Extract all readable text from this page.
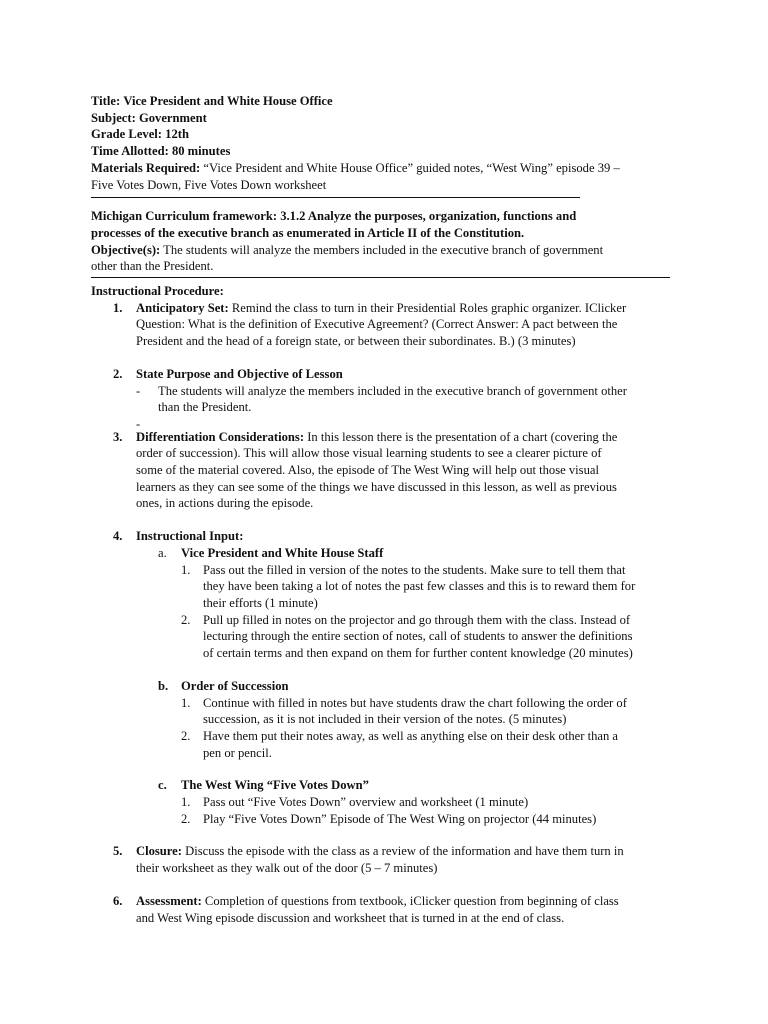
Title: Vice President and White House Office
Subject: Government
Grade Level: 12th
Time Allotted: 80 minutes
Materials Required: “Vice President and White House Office” guided notes, “West Wing” episode 39 –
Five Votes Down, Five Votes Down worksheet
Michigan Curriculum framework: 3.1.2 Analyze the purposes, organization, functions and
processes of the executive branch as enumerated in Article II of the Constitution.
Objective(s): The students will analyze the members included in the executive branch of government
other than the President.
Instructional Procedure:
1.	Anticipatory Set: Remind the class to turn in their Presidential Roles graphic organizer. IClicker
Question: What is the definition of Executive Agreement? (Correct Answer: A pact between the
President and the head of a foreign state, or between their subordinates. B.) (3 minutes)
2.	State Purpose and Objective of Lesson
- The students will analyze the members included in the executive branch of government other
than the President.
-

3.	Differentiation Considerations: In this lesson there is the presentation of a chart (covering the
order of succession). This will allow those visual learning students to see a clearer picture of
some of the material covered. Also, the episode of The West Wing will help out those visual
learners as they can see some of the things we have discussed in this lesson, as well as previous
ones, in actions during the episode.
4.	Instructional Input:
a. Vice President and White House Staff
1. Pass out the filled in version of the notes to the students. Make sure to tell them that
they have been taking a lot of notes the past few classes and this is to reward them for
their efforts (1 minute)
2. Pull up filled in notes on the projector and go through them with the class. Instead of
lecturing through the entire section of notes, call of students to answer the definitions
of certain terms and then expand on them for further content knowledge (20 minutes)
b. Order of Succession
1. Continue with filled in notes but have students draw the chart following the order of
succession, as it is not included in their version of the notes. (5 minutes)
2. Have them put their notes away, as well as anything else on their desk other than a
pen or pencil.
c. The West Wing “Five Votes Down”
1. Pass out “Five Votes Down” overview and worksheet (1 minute)
2. Play “Five Votes Down” Episode of The West Wing on projector (44 minutes)
5.	Closure: Discuss the episode with the class as a review of the information and have them turn in
their worksheet as they walk out of the door (5 – 7 minutes)
6.	Assessment: Completion of questions from textbook, iClicker question from beginning of class
and West Wing episode discussion and worksheet that is turned in at the end of class.
